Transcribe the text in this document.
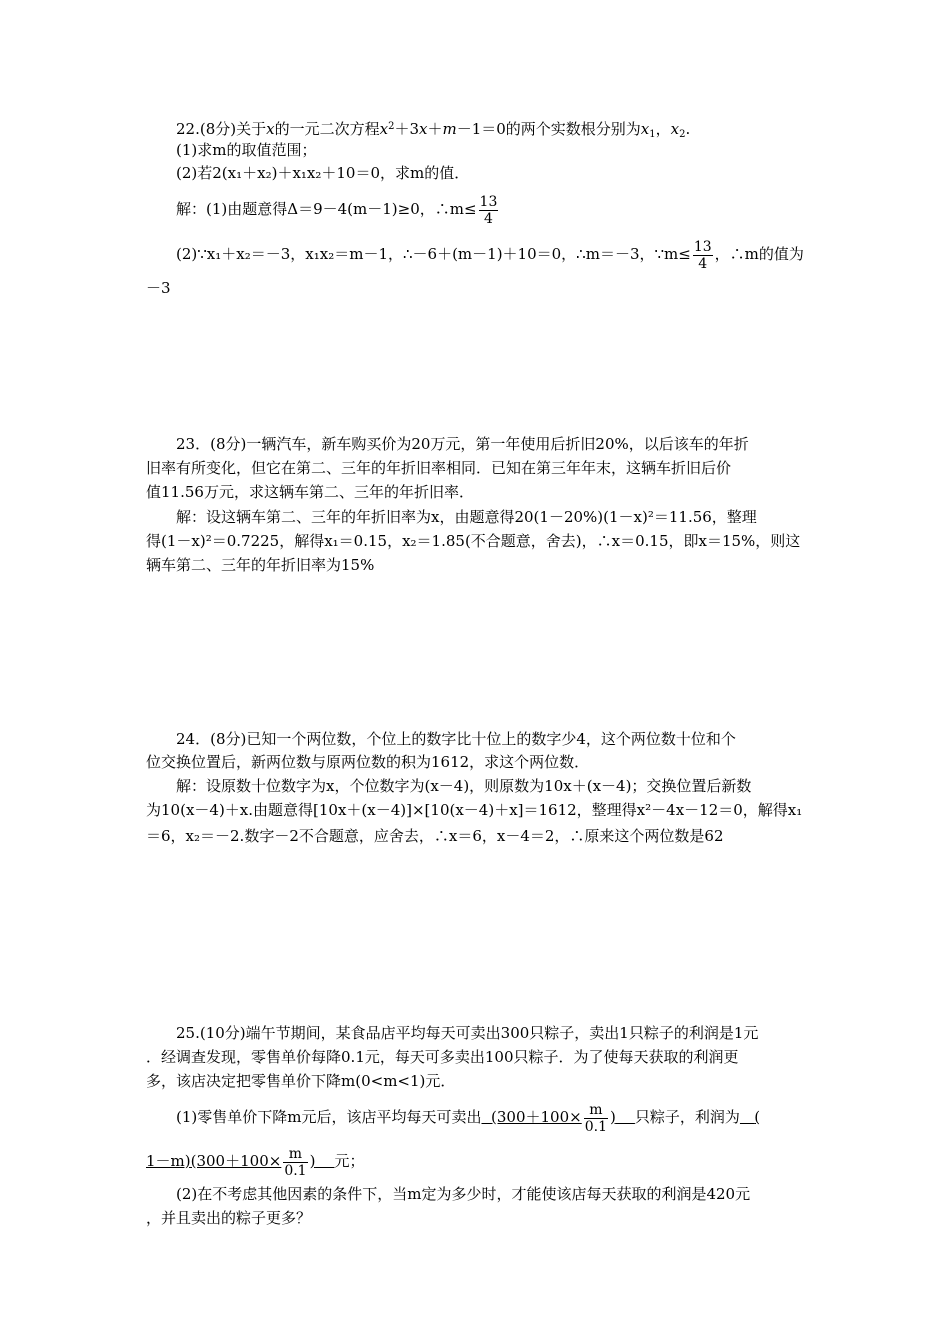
22.(8分)关于x的一元二次方程$x^2+3x+m-1=0$的两个实数根分别为$x_1$，$x_2$.
(1)求m的取值范围；
(2)若2(x₁＋x₂)＋x₁x₂＋10＝0，求m的值．
解：(1)由题意得Δ＝9－4(m－1)≥0，∴m≤ $\frac{13}{4}$
(2)∵x₁＋x₂＝－3，x₁x₂＝m－1，∴－6＋(m－1)＋10＝0，∴m＝－3，∵m≤ $\frac{13}{4}$ ，∴m的值为
－3
23．(8分)一辆汽车，新车购买价为20万元，第一年使用后折旧20%，以后该车的年折
旧率有所变化，但它在第二、三年的年折旧率相同．已知在第三年年末，这辆车折旧后价
值11.56万元，求这辆车第二、三年的年折旧率．
解：设这辆车第二、三年的年折旧率为x，由题意得20(1－20%)(1－x)²＝11.56，整理
得(1－x)²＝0.7225，解得x₁＝0.15，x₂＝1.85(不合题意，舍去)，∴x＝0.15，即x＝15%，则这
辆车第二、三年的年折旧率为15%
24．(8分)已知一个两位数，个位上的数字比十位上的数字少4，这个两位数十位和个
位交换位置后，新两位数与原两位数的积为1612，求这个两位数．
解：设原数十位数字为x，个位数字为(x－4)，则原数为10x＋(x－4)；交换位置后新数
为10(x－4)＋x.由题意得[10x＋(x－4)]×[10(x－4)＋x]＝1612，整理得x²－4x－12＝0，解得x₁
＝6，x₂＝－2.数字－2不合题意，应舍去，∴x＝6，x－4＝2，∴原来这个两位数是62
25.(10分)端午节期间，某食品店平均每天可卖出300只粽子，卖出1只粽子的利润是1元
．经调查发现，零售单价每降0.1元，每天可多卖出100只粽子．为了使每天获取的利润更
多，该店决定把零售单价下降m(0<m<1)元．
(1)零售单价下降m元后，该店平均每天可卖出 ($300+100\times \frac{m}{0.1}$ ) 只粽子，利润为 (
$1-m)(300+100\times \frac{m}{0.1}$ ) 元；
(2)在不考虑其他因素的条件下，当m定为多少时，才能使该店每天获取的利润是420元
，并且卖出的粽子更多？
